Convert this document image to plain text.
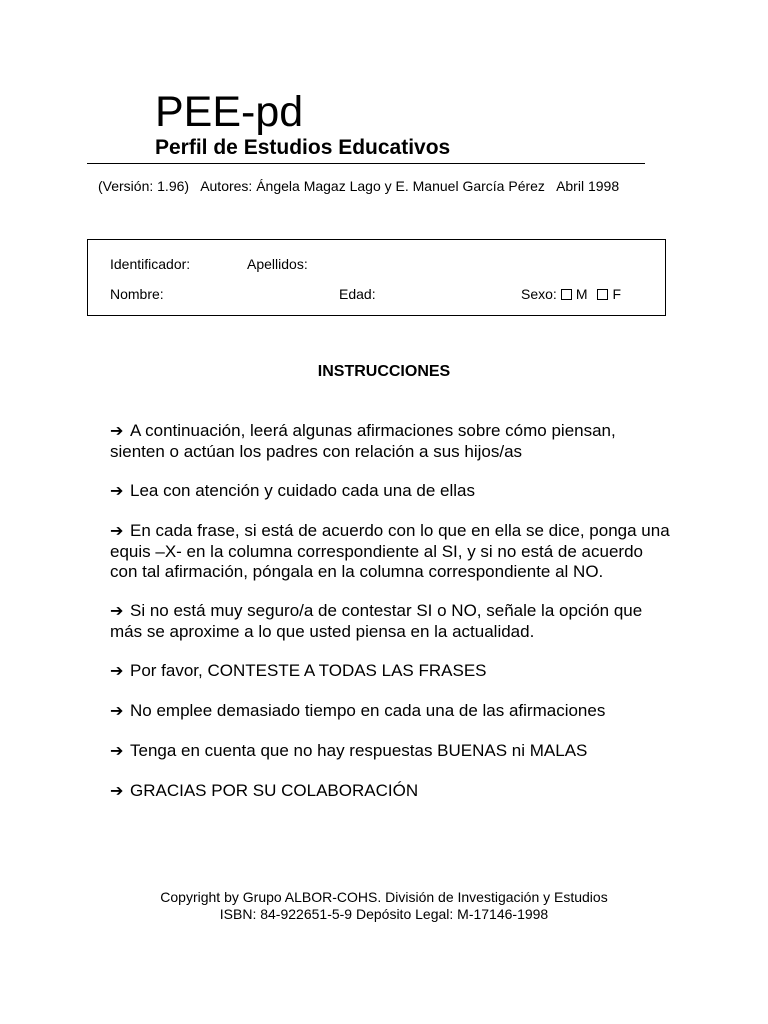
PEE-pd
Perfil de Estudios Educativos
(Versión: 1.96) Autores: Ángela Magaz Lago y E. Manuel García Pérez Abril 1998
Identificador:	Apellidos:
Nombre:	Edad:	Sexo: M F
INSTRUCCIONES
➔ A continuación, leerá algunas afirmaciones sobre cómo piensan, sienten o actúan los padres con relación a sus hijos/as
➔ Lea con atención y cuidado cada una de ellas
➔ En cada frase, si está de acuerdo con lo que en ella se dice, ponga una equis –X- en la columna correspondiente al SI, y si no está de acuerdo con tal afirmación, póngala en la columna correspondiente al NO.
➔ Si no está muy seguro/a de contestar SI o NO, señale la opción que más se aproxime a lo que usted piensa en la actualidad.
➔ Por favor, CONTESTE A TODAS LAS FRASES
➔ No emplee demasiado tiempo en cada una de las afirmaciones
➔ Tenga en cuenta que no hay respuestas BUENAS ni MALAS
➔ GRACIAS POR SU COLABORACIÓN
Copyright by Grupo ALBOR-COHS. División de Investigación y Estudios
ISBN: 84-922651-5-9 Depósito Legal: M-17146-1998
